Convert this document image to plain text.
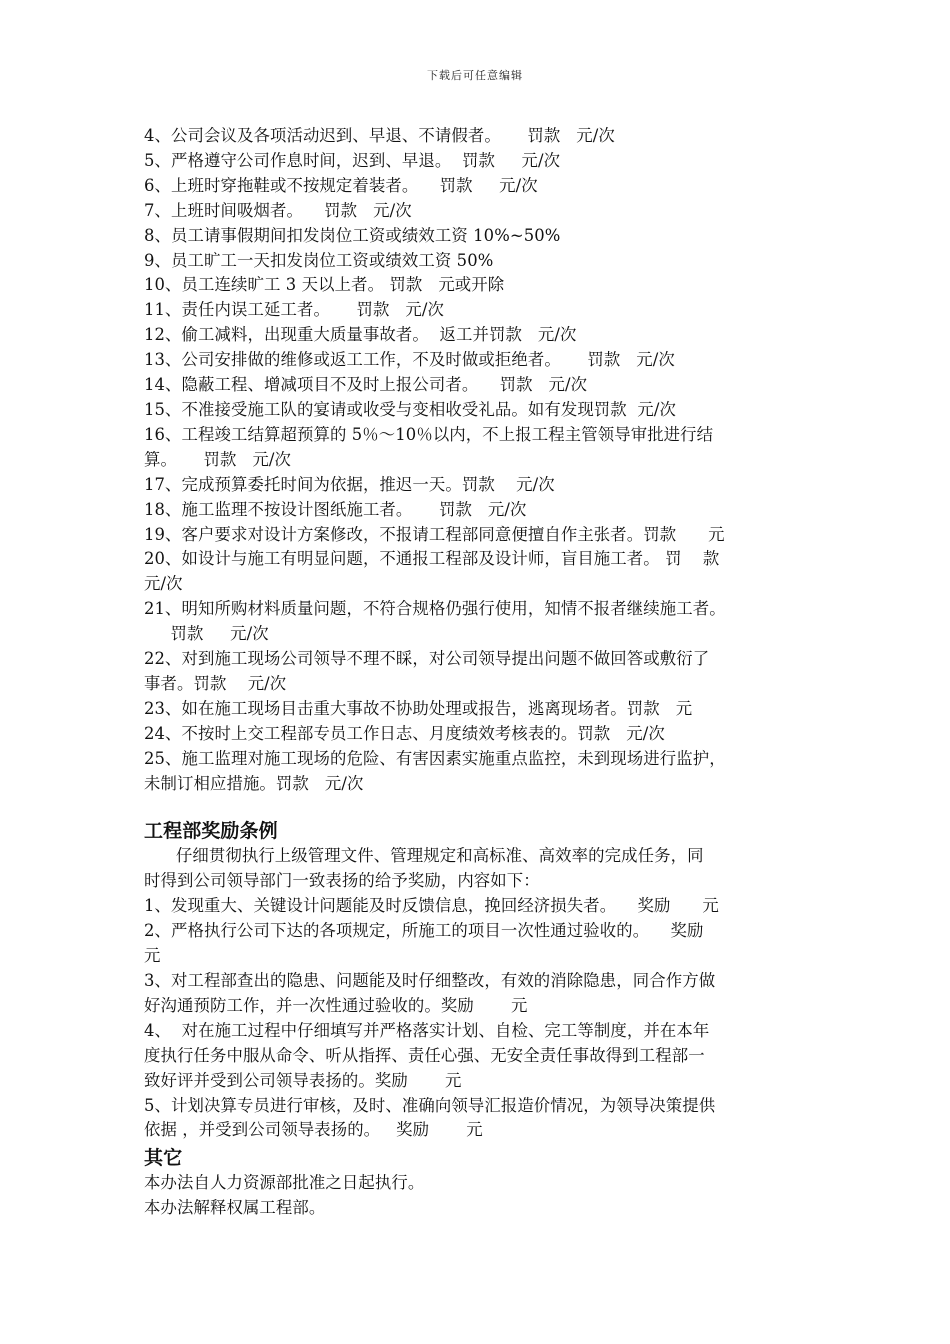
下载后可任意编辑
4、公司会议及各项活动迟到、早退、不请假者。     罚款   元/次
5、严格遵守公司作息时间，迟到、早退。  罚款     元/次
6、上班时穿拖鞋或不按规定着装者。    罚款     元/次
7、上班时间吸烟者。    罚款   元/次
8、员工请事假期间扣发岗位工资或绩效工资 10%~50%
9、员工旷工一天扣发岗位工资或绩效工资 50%
10、员工连续旷工 3 天以上者。 罚款   元或开除
11、责任内误工延工者。     罚款   元/次
12、偷工减料，出现重大质量事故者。  返工并罚款   元/次
13、公司安排做的维修或返工工作，不及时做或拒绝者。     罚款   元/次
14、隐蔽工程、增减项目不及时上报公司者。    罚款   元/次
15、不准接受施工队的宴请或收受与变相收受礼品。如有发现罚款  元/次
16、工程竣工结算超预算的 5％～10％以内，不上报工程主管领导审批进行结
算。     罚款   元/次
17、完成预算委托时间为依据，推迟一天。罚款    元/次
18、施工监理不按设计图纸施工者。     罚款   元/次
19、客户要求对设计方案修改，不报请工程部同意便擅自作主张者。罚款      元
20、如设计与施工有明显问题，不通报工程部及设计师，盲目施工者。 罚    款
元/次
21、明知所购材料质量问题，不符合规格仍强行使用，知情不报者继续施工者。
罚款     元/次
22、对到施工现场公司领导不理不睬，对公司领导提出问题不做回答或敷衍了
事者。罚款    元/次
23、如在施工现场目击重大事故不协助处理或报告，逃离现场者。罚款   元
24、不按时上交工程部专员工作日志、月度绩效考核表的。罚款   元/次
25、施工监理对施工现场的危险、有害因素实施重点监控，未到现场进行监护，
未制订相应措施。罚款   元/次
工程部奖励条例
仔细贯彻执行上级管理文件、管理规定和高标准、高效率的完成任务，同
时得到公司领导部门一致表扬的给予奖励，内容如下：
1、发现重大、关键设计问题能及时反馈信息，挽回经济损失者。    奖励      元
2、严格执行公司下达的各项规定，所施工的项目一次性通过验收的。    奖励
元
3、对工程部查出的隐患、问题能及时仔细整改，有效的消除隐患，同合作方做
好沟通预防工作，并一次性通过验收的。奖励       元
4、  对在施工过程中仔细填写并严格落实计划、自检、完工等制度，并在本年
度执行任务中服从命令、听从指挥、责任心强、无安全责任事故得到工程部一
致好评并受到公司领导表扬的。奖励       元
5、计划决算专员进行审核，及时、准确向领导汇报造价情况，为领导决策提供
依据 ，并受到公司领导表扬的。   奖励       元
其它
本办法自人力资源部批准之日起执行。
本办法解释权属工程部。
